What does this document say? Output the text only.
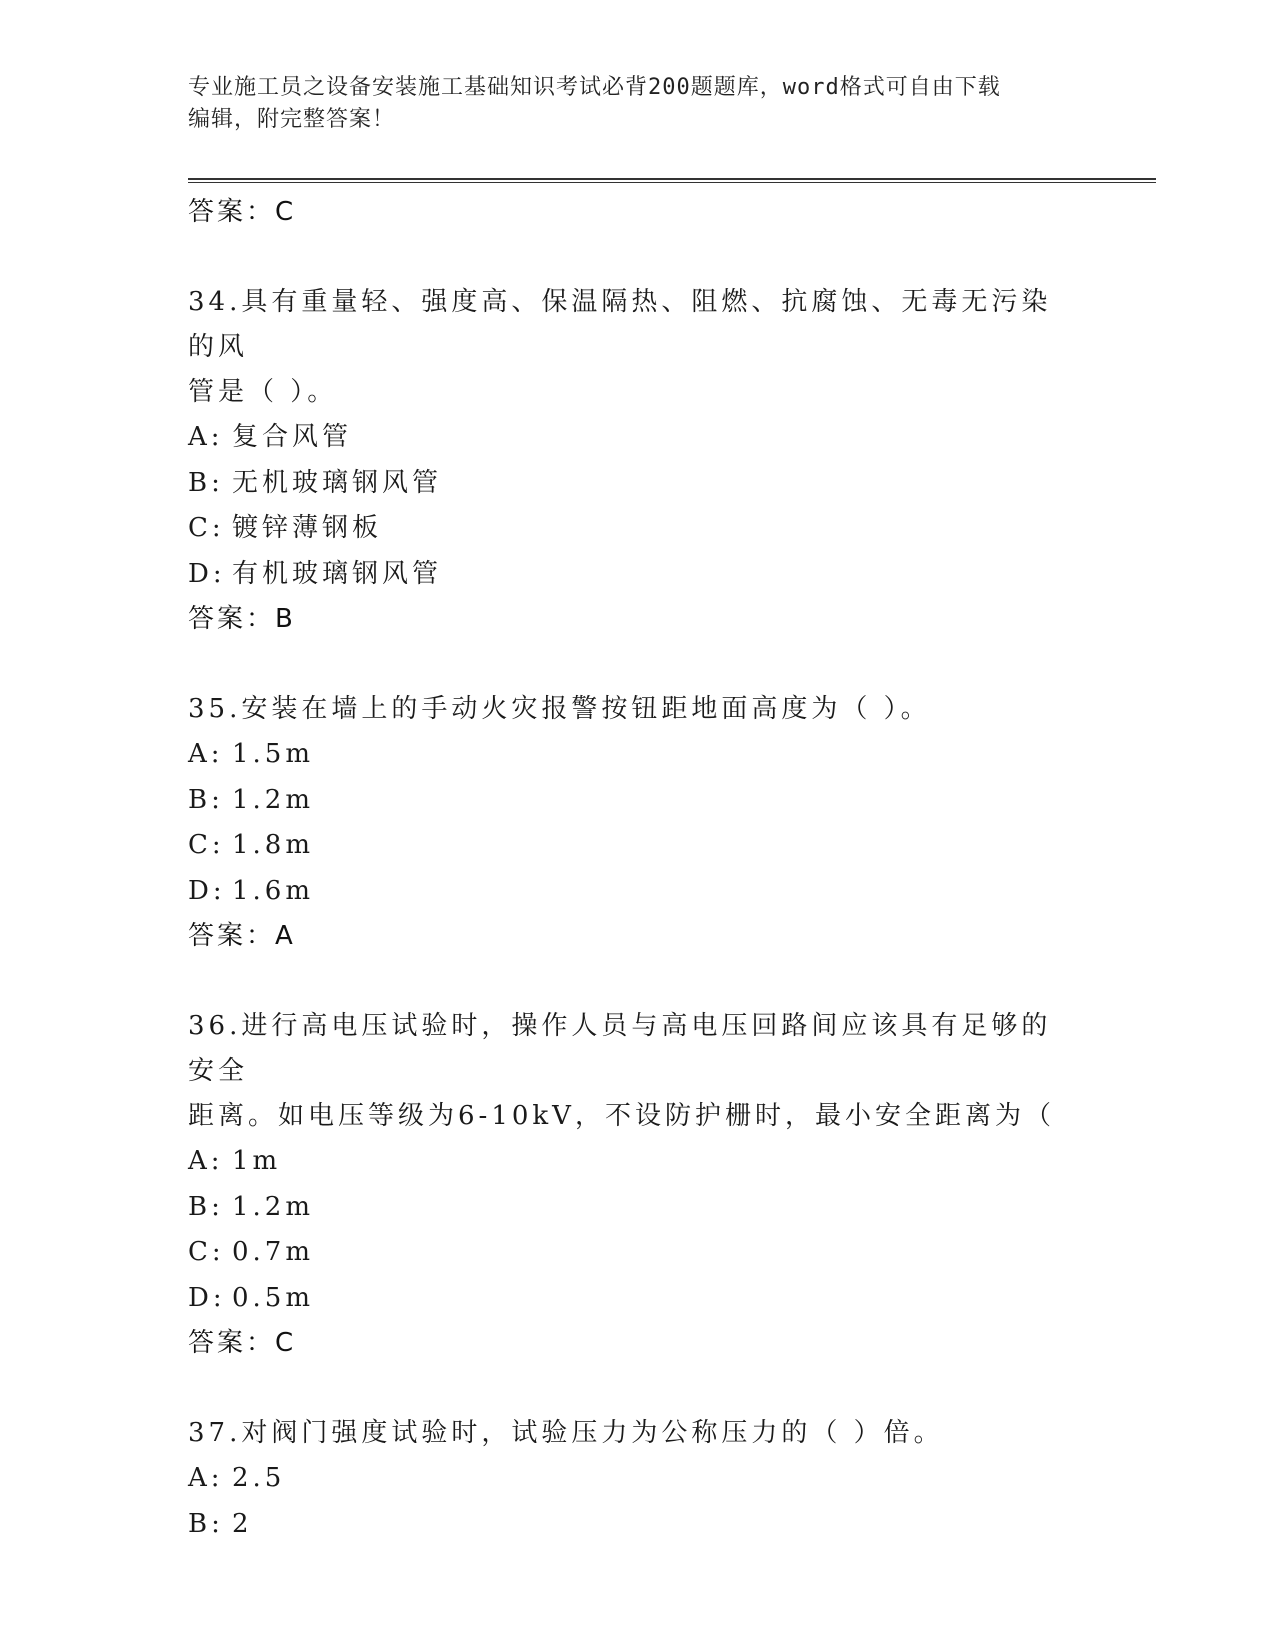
专业施工员之设备安装施工基础知识考试必背200题题库，word格式可自由下载
编辑，附完整答案！
答案：C
34.具有重量轻、强度高、保温隔热、阻燃、抗腐蚀、无毒无污染的风
管是（ ）。
A: 复合风管
B: 无机玻璃钢风管
C: 镀锌薄钢板
D: 有机玻璃钢风管
答案：B
35.安装在墙上的手动火灾报警按钮距地面高度为（ ）。
A: 1.5m
B: 1.2m
C: 1.8m
D: 1.6m
答案：A
36.进行高电压试验时，操作人员与高电压回路间应该具有足够的安全
距离。如电压等级为6-10kV，不设防护栅时，最小安全距离为（
A: 1m
B: 1.2m
C: 0.7m
D: 0.5m
答案：C
37.对阀门强度试验时，试验压力为公称压力的（ ）倍。
A: 2.5
B: 2
